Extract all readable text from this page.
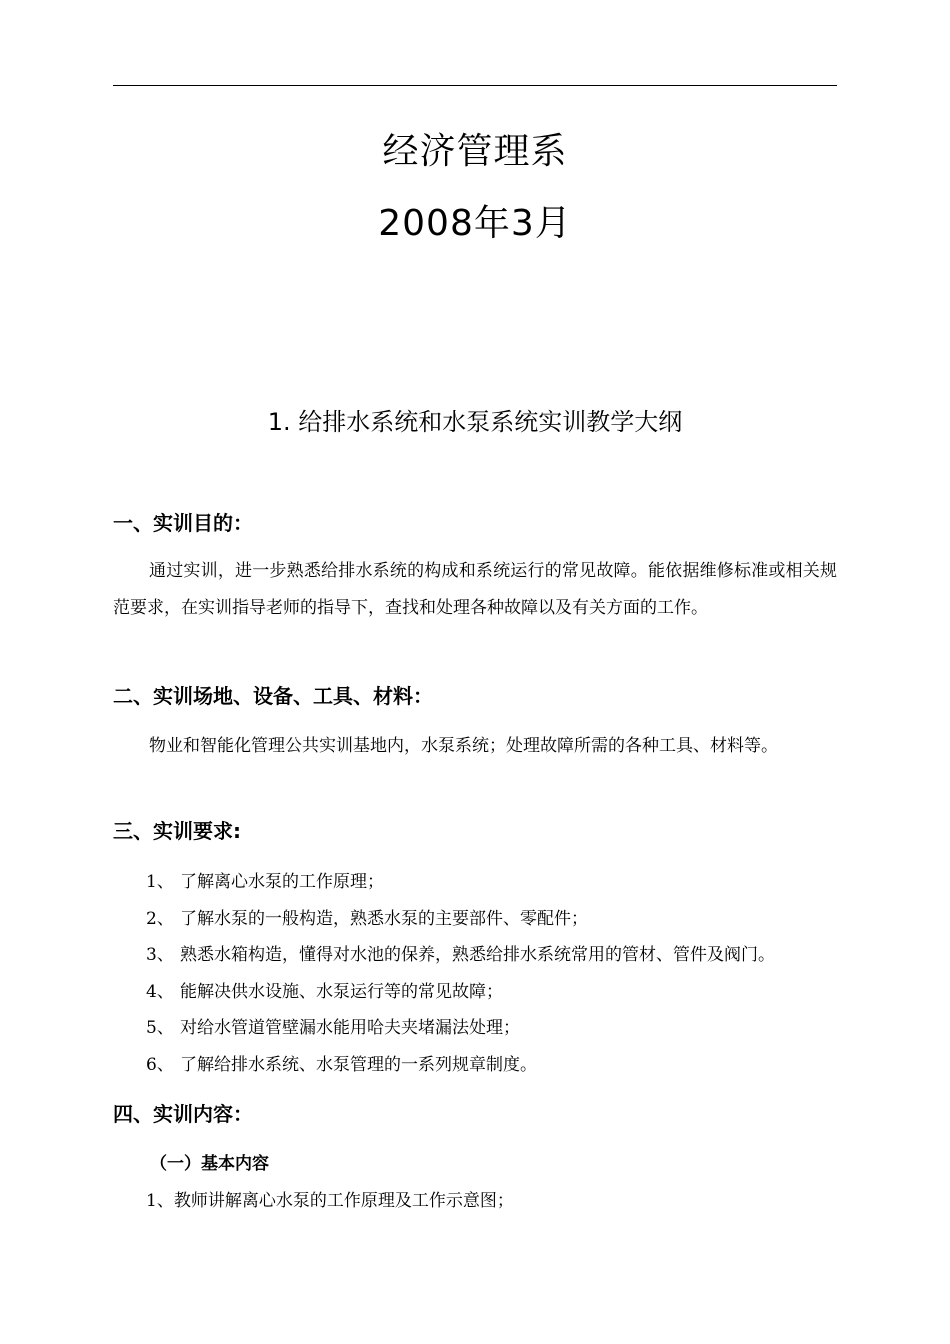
经济管理系
2008年3月
1. 给排水系统和水泵系统实训教学大纲
一、实训目的：
通过实训，进一步熟悉给排水系统的构成和系统运行的常见故障。能依据维修标准或相关规范要求，在实训指导老师的指导下，查找和处理各种故障以及有关方面的工作。
二、实训场地、设备、工具、材料：
物业和智能化管理公共实训基地内，水泵系统；处理故障所需的各种工具、材料等。
三、实训要求:
1、 了解离心水泵的工作原理；
2、 了解水泵的一般构造，熟悉水泵的主要部件、零配件；
3、 熟悉水箱构造，懂得对水池的保养，熟悉给排水系统常用的管材、管件及阀门。
4、 能解决供水设施、水泵运行等的常见故障；
5、 对给水管道管壁漏水能用哈夫夹堵漏法处理；
6、 了解给排水系统、水泵管理的一系列规章制度。
四、实训内容：
（一）基本内容
1、教师讲解离心水泵的工作原理及工作示意图；
